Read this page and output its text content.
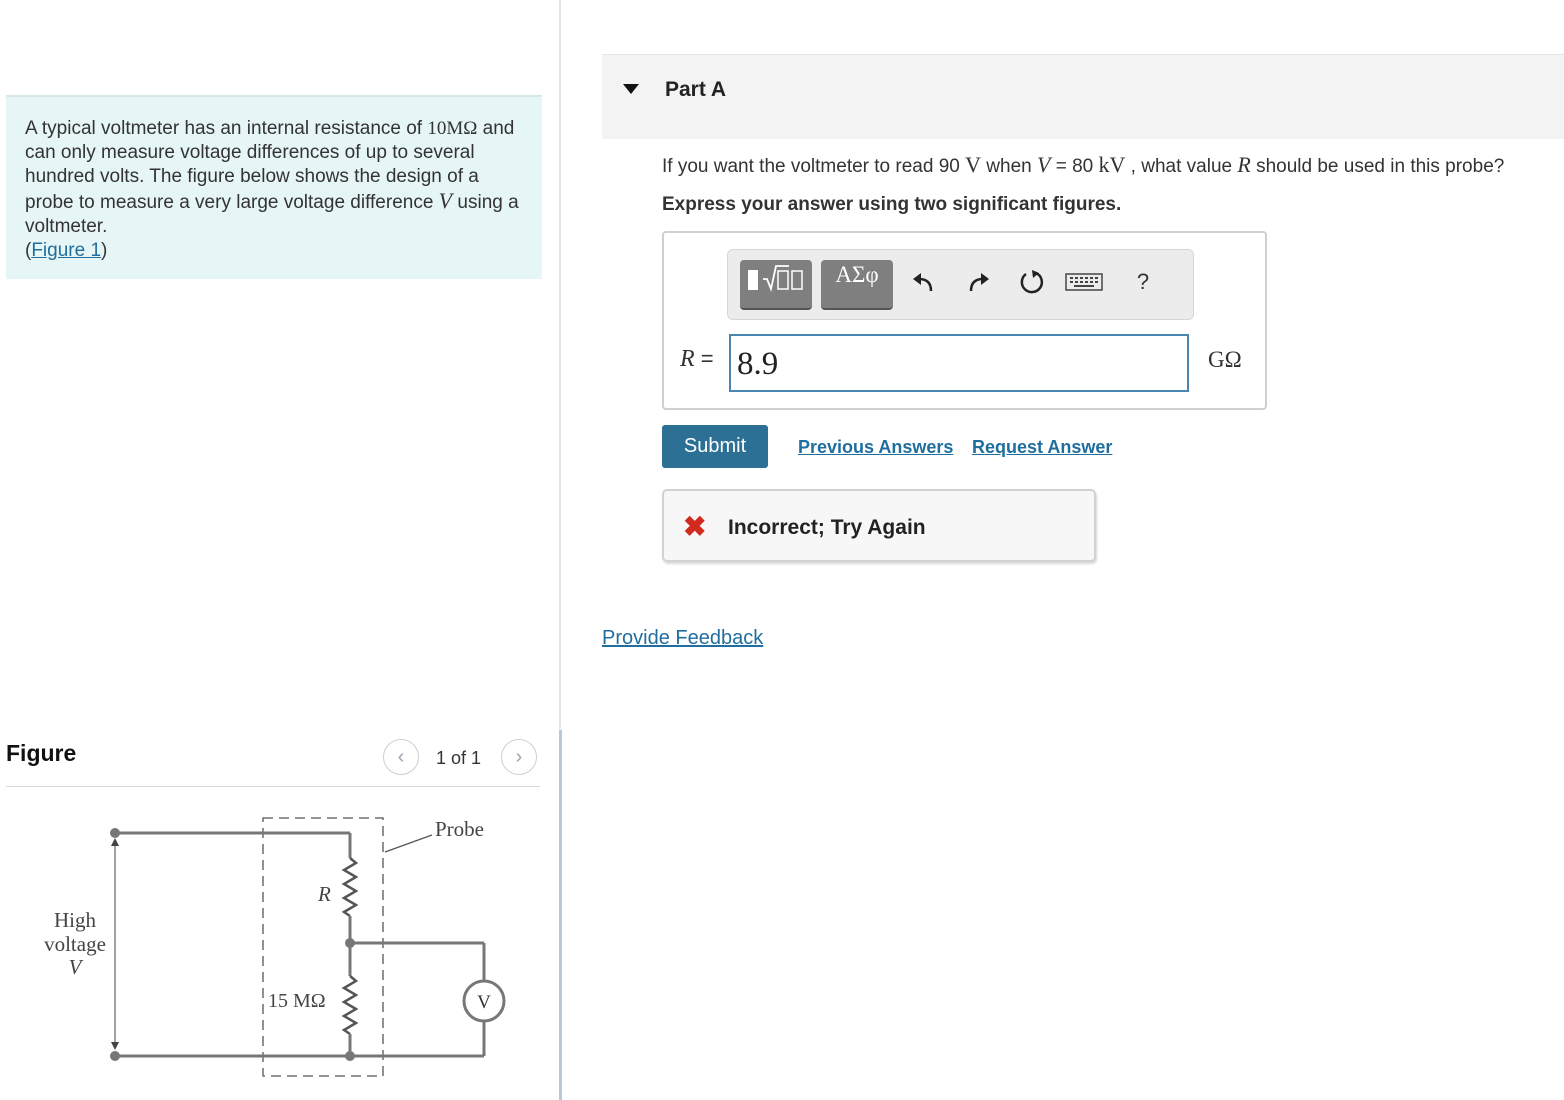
A typical voltmeter has an internal resistance of 10MΩ and can only measure voltage differences of up to several hundred volts. The figure below shows the design of a probe to measure a very large voltage difference V using a voltmeter.
(Figure 1)
Figure	‹ 1 of 1 ›
V
Probe
R
15 MΩ
High
voltage
V
Part A
If you want the voltmeter to read 90 V when V = 80 kV , what value R should be used in this probe?
Express your answer using two significant figures.
ΑΣφ	?
R =
8.9	GΩ
Submit	Previous Answers Request Answer
✖ Incorrect; Try Again
Provide Feedback
